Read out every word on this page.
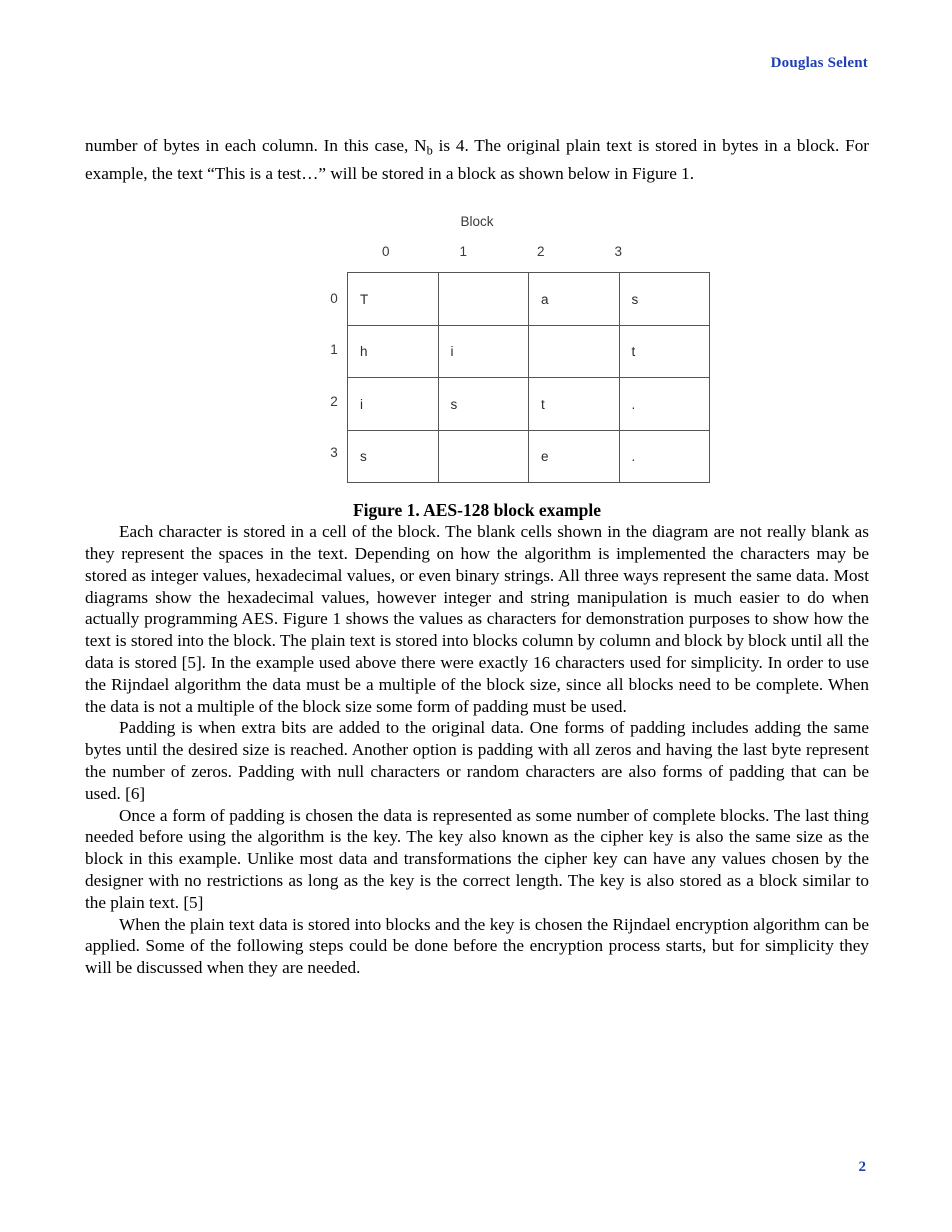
Douglas Selent

number of bytes in each column. In this case, $N_b$ is 4. The original plain text is stored in bytes in a block. For example, the text “This is a test…” will be stored in a block as shown below in Figure 1.

Block
0	1	2	3
0
1
2
3
T		a	s
h	i		t
i	s	t	.
s		e	.
Figure 1. AES-128 block example

Each character is stored in a cell of the block. The blank cells shown in the diagram are not really blank as they represent the spaces in the text. Depending on how the algorithm is implemented the characters may be stored as integer values, hexadecimal values, or even binary strings. All three ways represent the same data. Most diagrams show the hexadecimal values, however integer and string manipulation is much easier to do when actually programming AES. Figure 1 shows the values as characters for demonstration purposes to show how the text is stored into the block. The plain text is stored into blocks column by column and block by block until all the data is stored [5]. In the example used above there were exactly 16 characters used for simplicity. In order to use the Rijndael algorithm the data must be a multiple of the block size, since all blocks need to be complete. When the data is not a multiple of the block size some form of padding must be used.

Padding is when extra bits are added to the original data. One forms of padding includes adding the same bytes until the desired size is reached. Another option is padding with all zeros and having the last byte represent the number of zeros. Padding with null characters or random characters are also forms of padding that can be used. [6]

Once a form of padding is chosen the data is represented as some number of complete blocks. The last thing needed before using the algorithm is the key. The key also known as the cipher key is also the same size as the block in this example. Unlike most data and transformations the cipher key can have any values chosen by the designer with no restrictions as long as the key is the correct length. The key is also stored as a block similar to the plain text. [5]

When the plain text data is stored into blocks and the key is chosen the Rijndael encryption algorithm can be applied. Some of the following steps could be done before the encryption process starts, but for simplicity they will be discussed when they are needed.

2
